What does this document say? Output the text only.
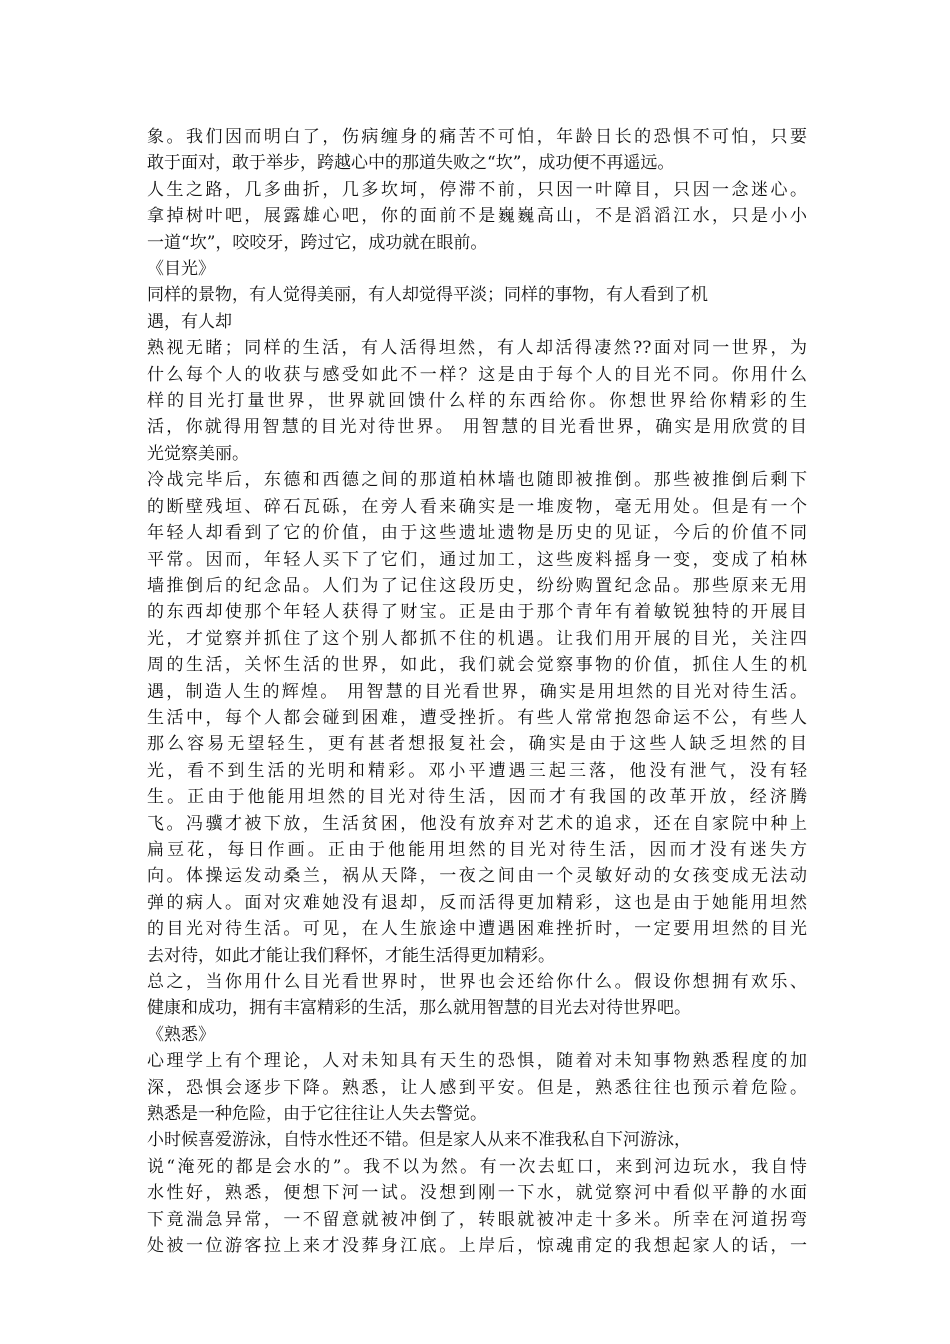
象。我们因而明白了，伤病缠身的痛苦不可怕，年龄日长的恐惧不可怕，只要
敢于面对，敢于举步，跨越心中的那道失败之“坎”，成功便不再遥远。
人生之路，几多曲折，几多坎坷，停滞不前，只因一叶障目，只因一念迷心。
拿掉树叶吧，展露雄心吧，你的面前不是巍巍高山，不是滔滔江水，只是小小
一道“坎”，咬咬牙，跨过它，成功就在眼前。
《目光》
同样的景物，有人觉得美丽，有人却觉得平淡；同样的事物，有人看到了机
遇，有人却
熟视无睹；同样的生活，有人活得坦然，有人却活得凄然??面对同一世界，为
什么每个人的收获与感受如此不一样？这是由于每个人的目光不同。你用什么
样的目光打量世界，世界就回馈什么样的东西给你。你想世界给你精彩的生
活，你就得用智慧的目光对待世界。 用智慧的目光看世界，确实是用欣赏的目
光觉察美丽。
冷战完毕后，东德和西德之间的那道柏林墙也随即被推倒。那些被推倒后剩下
的断壁残垣、碎石瓦砾，在旁人看来确实是一堆废物，毫无用处。但是有一个
年轻人却看到了它的价值，由于这些遗址遗物是历史的见证，今后的价值不同
平常。因而，年轻人买下了它们，通过加工，这些废料摇身一变，变成了柏林
墙推倒后的纪念品。人们为了记住这段历史，纷纷购置纪念品。那些原来无用
的东西却使那个年轻人获得了财宝。正是由于那个青年有着敏锐独特的开展目
光，才觉察并抓住了这个别人都抓不住的机遇。让我们用开展的目光，关注四
周的生活，关怀生活的世界，如此，我们就会觉察事物的价值，抓住人生的机
遇，制造人生的辉煌。 用智慧的目光看世界，确实是用坦然的目光对待生活。
生活中，每个人都会碰到困难，遭受挫折。有些人常常抱怨命运不公，有些人
那么容易无望轻生，更有甚者想报复社会，确实是由于这些人缺乏坦然的目
光，看不到生活的光明和精彩。邓小平遭遇三起三落，他没有泄气，没有轻
生。正由于他能用坦然的目光对待生活，因而才有我国的改革开放，经济腾
飞。冯骥才被下放，生活贫困，他没有放弃对艺术的追求，还在自家院中种上
扁豆花，每日作画。正由于他能用坦然的目光对待生活，因而才没有迷失方
向。体操运发动桑兰，祸从天降，一夜之间由一个灵敏好动的女孩变成无法动
弹的病人。面对灾难她没有退却，反而活得更加精彩，这也是由于她能用坦然
的目光对待生活。可见，在人生旅途中遭遇困难挫折时，一定要用坦然的目光
去对待，如此才能让我们释怀，才能生活得更加精彩。
总之，当你用什么目光看世界时，世界也会还给你什么。假设你想拥有欢乐、
健康和成功，拥有丰富精彩的生活，那么就用智慧的目光去对待世界吧。
《熟悉》
心理学上有个理论，人对未知具有天生的恐惧，随着对未知事物熟悉程度的加
深，恐惧会逐步下降。熟悉，让人感到平安。但是，熟悉往往也预示着危险。
熟悉是一种危险，由于它往往让人失去警觉。
小时候喜爱游泳，自恃水性还不错。但是家人从来不准我私自下河游泳，
说“淹死的都是会水的”。我不以为然。有一次去虹口，来到河边玩水，我自恃
水性好，熟悉，便想下河一试。没想到刚一下水，就觉察河中看似平静的水面
下竟湍急异常，一不留意就被冲倒了，转眼就被冲走十多米。所幸在河道拐弯
处被一位游客拉上来才没葬身江底。上岸后，惊魂甫定的我想起家人的话，一
